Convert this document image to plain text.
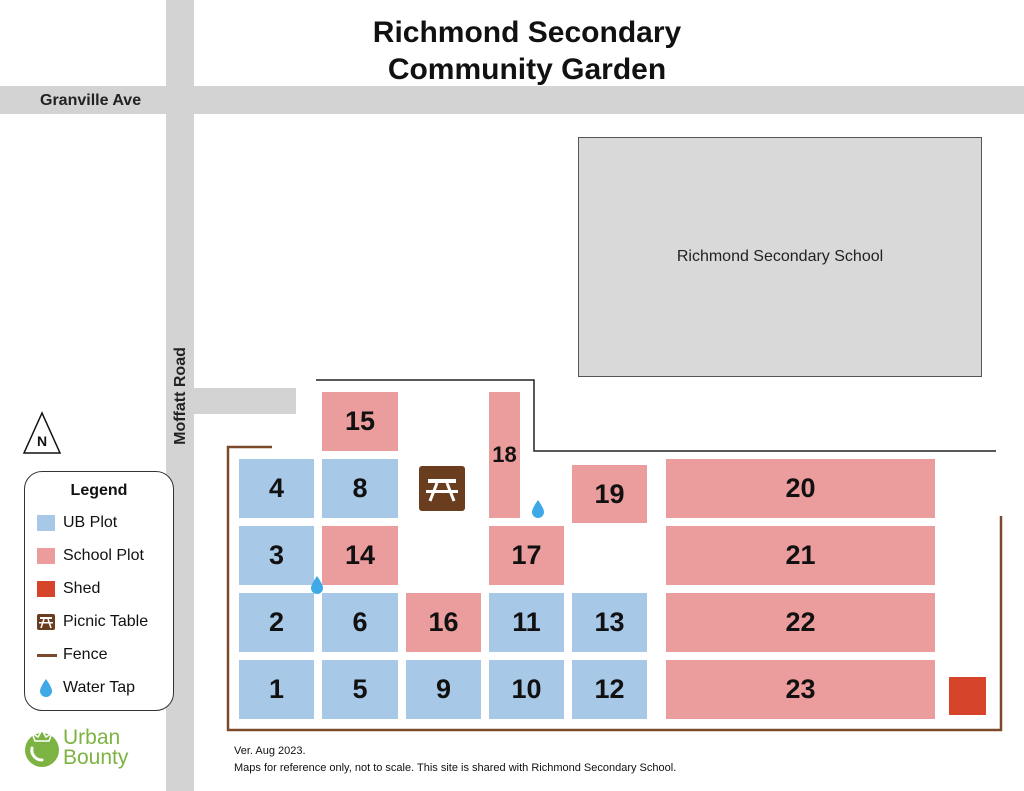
Richmond Secondary
Community Garden
Granville Ave
Moffatt Road
Richmond Secondary School
N
4
3
2
1
15
8
14
6
5
16
9
18
17
11
10
19
13
12
20
21
22
23
Legend
UB Plot
School Plot
Shed
Picnic Table
Fence
Water Tap
Urban
Bounty	Ver. Aug 2023.
Maps for reference only, not to scale. This site is shared with Richmond Secondary School.
